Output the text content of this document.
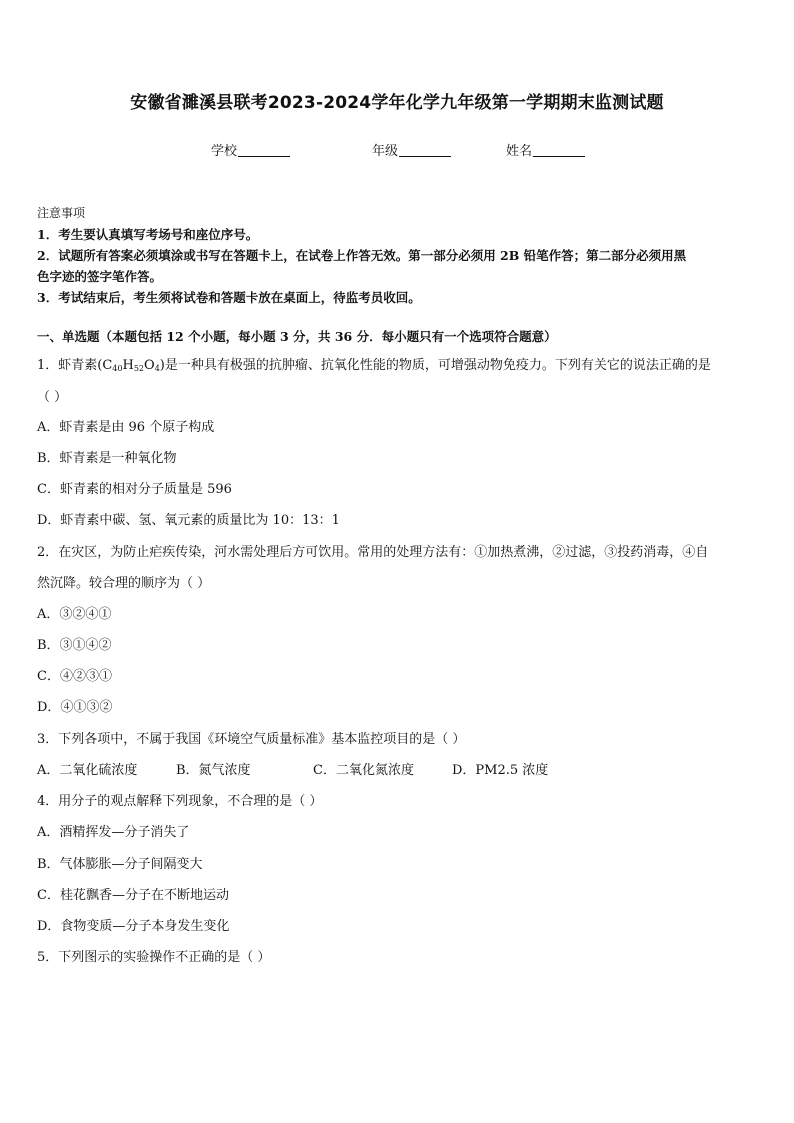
安徽省濉溪县联考2023-2024学年化学九年级第一学期期末监测试题
学校	年级	姓名
注意事项
1．考生要认真填写考场号和座位序号。
2．试题所有答案必须填涂或书写在答题卡上，在试卷上作答无效。第一部分必须用 2B 铅笔作答；第二部分必须用黑
色字迹的签字笔作答。
3．考试结束后，考生须将试卷和答题卡放在桌面上，待监考员收回。
一、单选题（本题包括 12 个小题，每小题 3 分，共 36 分．每小题只有一个选项符合题意）
1．虾青素$(C_{40}H_{52}O_4)$是一种具有极强的抗肿瘤、抗氧化性能的物质，可增强动物免疫力。下列有关它的说法正确的是
（ ）
A．虾青素是由 96 个原子构成
B．虾青素是一种氧化物
C．虾青素的相对分子质量是 596
D．虾青素中碳、氢、氧元素的质量比为 10：13：1
2．在灾区，为防止疟疾传染，河水需处理后方可饮用。常用的处理方法有：①加热煮沸，②过滤，③投药消毒，④自
然沉降。较合理的顺序为（ ）
A．③②④①
B．③①④②
C．④②③①
D．④①③②
3．下列各项中，不属于我国《环境空气质量标准》基本监控项目的是（ ）
A．二氧化硫浓度	B．氮气浓度	C．二氧化氮浓度	D．PM2.5 浓度
4．用分子的观点解释下列现象，不合理的是（ ）
A．酒精挥发—分子消失了
B．气体膨胀—分子间隔变大
C．桂花飘香—分子在不断地运动
D．食物变质—分子本身发生变化
5．下列图示的实验操作不正确的是（ ）
